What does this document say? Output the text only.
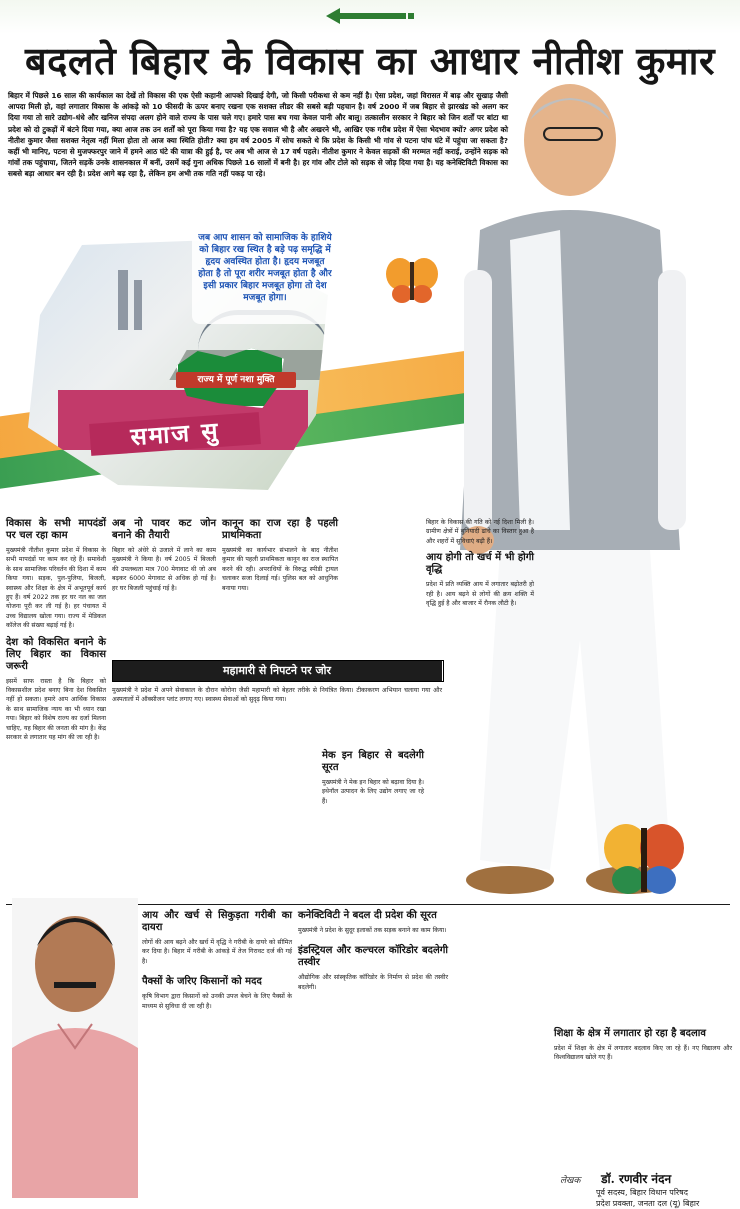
बदलते बिहार के विकास का आधार नीतीश कुमार

बिहार में पिछले 16 साल की कार्यकाल का देखें तो विकास की एक ऐसी कहानी आपको दिखाई देगी, जो किसी परीकथा से कम नहीं है। ऐसा प्रदेश, जहां विरासत में बाढ़ और सुखाड़ जैसी आपदा मिली हो, वहां लगातार विकास के आंकड़े को 10 फीसदी के ऊपर बनाए रखना एक सशक्त लीडर की सबसे बड़ी पहचान है। वर्ष 2000 में जब बिहार से झारखंड को अलग कर दिया गया तो सारे उद्योग–धंधे और खनिज संपदा अलग होने वाले राज्य के पास चले गए। हमारे पास बच गया केवल पानी और बालू। तत्कालीन सरकार ने बिहार को जिन शर्तों पर बांटा था प्रदेश को दो टुकड़ों में बंटने दिया गया, क्या आज तक उन शर्तों को पूरा किया गया है? यह एक सवाल भी है और अखरने भी, आखिर एक गरीब प्रदेश में ऐसा भेदभाव क्यों? अगर प्रदेश को नीतीश कुमार जैसा सशक्त नेतृत्व नहीं मिला होता तो आज क्या स्थिति होती? क्या हम वर्ष 2005 में सोच सकते थे कि प्रदेश के किसी भी गांव से पटना पांच घंटे में पहुंचा जा सकता है? कहीं भी मानिए, पटना से मुजफ्फरपुर जाने में हमने आठ घंटे की यात्रा की हुई है, पर अब भी आज से 17 वर्ष पहले। नीतीश कुमार ने केवल सड़कों की मरम्मत नहीं कराई, उन्होंने सड़क को गांवों तक पहुंचाया, जितने सड़कें उनके शासनकाल में बनीं, उसमें कई गुना अधिक पिछले 16 सालों में बनी है। हर गांव और टोले को सड़क से जोड़ दिया गया है। यह कनेक्टिविटी विकास का सबसे बड़ा आधार बन रही है। प्रदेश आगे बढ़ रहा है, लेकिन हम अभी तक गति नहीं पकड़ पा रहे।

जब आप शासन को सामाजिक के हाशिये को बिहार रख स्थित है बड़े पढ़ समृद्धि में हृदय अवस्थित होता है। हृदय मजबूत होता है तो पूरा शरीर मजबूत होता है और इसी प्रकार बिहार मजबूत होगा तो देश मजबूत होगा।
राज्य में पूर्ण नशा मुक्ति
समाज सु
विकास के सभी मापदंडों पर चल रहा काम

मुख्यमंत्री नीतीश कुमार प्रदेश में विकास के सभी मापदंडों पर काम कर रहे हैं। समावेशी के साथ सामाजिक परिवर्तन की दिशा में काम किया गया। सड़क, पुल-पुलिया, बिजली, स्वास्थ्य और शिक्षा के क्षेत्र में अभूतपूर्व कार्य हुए हैं। वर्ष 2022 तक हर घर नल का जल योजना पूरी कर ली गई है। हर पंचायत में उच्च विद्यालय खोला गया। राज्य में मेडिकल कॉलेज की संख्या बढ़ाई गई है।

देश को विकसित बनाने के लिए बिहार का विकास जरूरी

इसमें साफ रास्ता है कि बिहार को विकासशील प्रदेश बनाए बिना देश विकसित नहीं हो सकता। हमारे आप आर्थिक विकास के साथ सामाजिक न्याय का भी ध्यान रखा गया। बिहार को विशेष राज्य का दर्जा मिलना चाहिए, यह बिहार की जनता की मांग है। केंद्र सरकार से लगातार यह मांग की जा रही है।

अब नो पावर कट जोन बनाने की तैयारी

बिहार को अंधेरे से उजाले में लाने का काम मुख्यमंत्री ने किया है। वर्ष 2005 में बिजली की उपलब्धता मात्र 700 मेगावाट थी जो अब बढ़कर 6000 मेगावाट से अधिक हो गई है। हर घर बिजली पहुंचाई गई है।

कानून का राज रहा है पहली प्राथमिकता

मुख्यमंत्री का कार्यभार संभालने के बाद नीतीश कुमार की पहली प्राथमिकता कानून का राज स्थापित करने की रही। अपराधियों के विरुद्ध स्पीडी ट्रायल चलाकर सजा दिलाई गई। पुलिस बल को आधुनिक बनाया गया।

महामारी से निपटने पर जोर

मुख्यमंत्री ने प्रदेश में अपने सेवाकाल के दौरान कोरोना जैसी महामारी को बेहतर तरीके से नियंत्रित किया। टीकाकरण अभियान चलाया गया और अस्पतालों में ऑक्सीजन प्लांट लगाए गए। स्वास्थ्य सेवाओं को सुदृढ़ किया गया।

बिहार के विकास की गति को नई दिशा मिली है। ग्रामीण क्षेत्रों में बुनियादी ढांचे का विस्तार हुआ है और शहरों में सुविधाएं बढ़ी हैं।

आय होगी तो खर्च में भी होगी वृद्धि

प्रदेश में प्रति व्यक्ति आय में लगातार बढ़ोतरी हो रही है। आय बढ़ने से लोगों की क्रय शक्ति में वृद्धि हुई है और बाजार में रौनक लौटी है।

मेक इन बिहार से बदलेगी सूरत

मुख्यमंत्री ने मेक इन बिहार को बढ़ावा दिया है। इथेनॉल उत्पादन के लिए उद्योग लगाए जा रहे हैं।

आय और खर्च से सिकुड़ता गरीबी का दायरा

लोगों की आय बढ़ने और खर्च में वृद्धि ने गरीबी के दायरे को सीमित कर दिया है। बिहार में गरीबी के आंकड़े में तेज गिरावट दर्ज की गई है।

पैक्सों के जरिए किसानों को मदद

कृषि विभाग द्वारा किसानों को उनकी उपज बेचने के लिए पैक्सों के माध्यम से सुविधा दी जा रही है।

कनेक्टिविटी ने बदल दी प्रदेश की सूरत

मुख्यमंत्री ने प्रदेश के सुदूर इलाकों तक सड़क बनाने का काम किया।

इंडस्ट्रियल और कल्चरल कॉरिडोर बदलेगी तस्वीर

औद्योगिक और सांस्कृतिक कॉरिडोर के निर्माण से प्रदेश की तस्वीर बदलेगी।

शिक्षा के क्षेत्र में लगातार हो रहा है बदलाव

प्रदेश में शिक्षा के क्षेत्र में लगातार बदलाव किए जा रहे हैं। नए विद्यालय और विश्वविद्यालय खोले गए हैं।

लेखक डॉ. रणवीर नंदन
पूर्व सदस्य, बिहार विधान परिषद
प्रदेश प्रवक्ता, जनता दल (यू) बिहार
